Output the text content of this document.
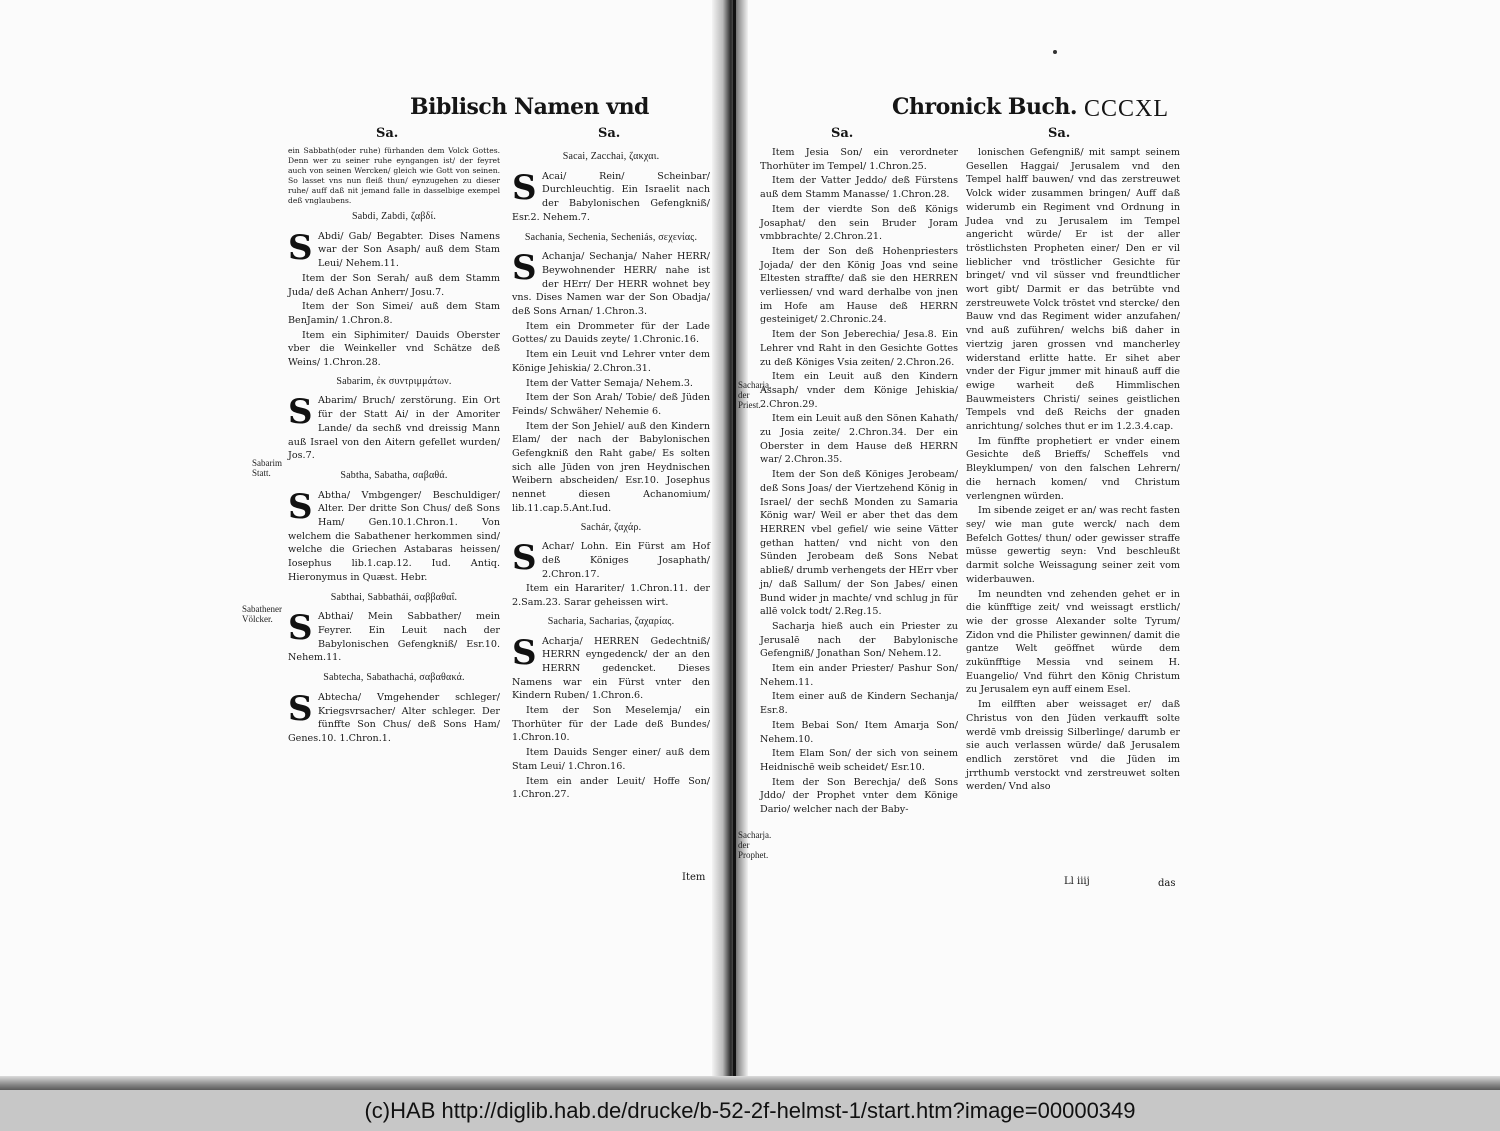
Biblisch Namen vnd
Sa.	Sa.
ein Sabbath(oder ruhe) fürhanden dem Volck Gottes. Denn wer zu seiner ruhe eyngangen ist/ der feyret auch von seinen Wercken/ gleich wie Gott von seinen. So lasset vns nun fleiß thun/ eynzugehen zu dieser ruhe/ auff daß nit jemand falle in dasselbige exempel deß vnglaubens.
Sabdi, Zabdi, ζαβδί.
S Abdi/ Gab/ Begabter. Dises Namens war der Son Asaph/ auß dem Stam Leui/ Nehem.11.
Item der Son Serah/ auß dem Stamm Juda/ deß Achan Anherr/ Josu.7.
Item der Son Simei/ auß dem Stam BenJamin/ 1.Chron.8.
Item ein Siphimiter/ Dauids Oberster vber die Weinkeller vnd Schätze deß Weins/ 1.Chron.28.
Sabarim, ἐκ συντριμμάτων.
S Abarim/ Bruch/ zerstörung. Ein Ort für der Statt Ai/ in der Amoriter Lande/ da sechß vnd dreissig Mann auß Israel von den Aitern gefellet wurden/ Jos.7.
Sabtha, Sabatha, σαβαθά.
S Abtha/ Vmbgenger/ Beschuldiger/ Alter. Der dritte Son Chus/ deß Sons Ham/ Gen.10.1.Chron.1. Von welchem die Sabathener herkommen sind/ welche die Griechen Astabaras heissen/ Iosephus lib.1.cap.12. Iud. Antiq. Hieronymus in Quæst. Hebr.
Sabthai, Sabbathái, σαββαθαΐ.
S Abthai/ Mein Sabbather/ mein Feyrer. Ein Leuit nach der Babylonischen Gefengkniß/ Esr.10. Nehem.11.
Sabtecha, Sabathachá, σαβαθακά.
S Abtecha/ Vmgehender schleger/ Kriegsvrsacher/ Alter schleger. Der fünffte Son Chus/ deß Sons Ham/ Genes.10. 1.Chron.1.
Sabarim Statt.
Sabathener Völcker.
Sacai, Zacchai, ζακχαι.
S Acai/ Rein/ Scheinbar/ Durchleuchtig. Ein Israelit nach der Babylonischen Gefengkniß/ Esr.2. Nehem.7.
Sachania, Sechenia, Secheniás, σεχενίας.
S Achanja/ Sechanja/ Naher HERR/ Beywohnender HERR/ nahe ist der HErr/ Der HERR wohnet bey vns. Dises Namen war der Son Obadja/ deß Sons Arnan/ 1.Chron.3.
Item ein Drommeter für der Lade Gottes/ zu Dauids zeyte/ 1.Chronic.16.
Item ein Leuit vnd Lehrer vnter dem Könige Jehiskia/ 2.Chron.31.
Item der Vatter Semaja/ Nehem.3.
Item der Son Arah/ Tobie/ deß Jüden Feinds/ Schwäher/ Nehemie 6.
Item der Son Jehiel/ auß den Kindern Elam/ der nach der Babylonischen Gefengkniß den Raht gabe/ Es solten sich alle Jüden von jren Heydnischen Weibern abscheiden/ Esr.10. Josephus nennet diesen Achanomium/ lib.11.cap.5.Ant.Iud.
Sachár, ζαχάρ.
S Achar/ Lohn. Ein Fürst am Hof deß Königes Josaphath/ 2.Chron.17.
Item ein Harariter/ 1.Chron.11. der 2.Sam.23. Sarar geheissen wirt.
Sacharia, Sacharias, ζαχαρίας.
S Acharja/ HERREN Gedechtniß/ HERRN eyngedenck/ der an den HERRN gedencket. Dieses Namens war ein Fürst vnter den Kindern Ruben/ 1.Chron.6.
Item der Son Meselemja/ ein Thorhüter für der Lade deß Bundes/ 1.Chron.10.
Item Dauids Senger einer/ auß dem Stam Leui/ 1.Chron.16.
Item ein ander Leuit/ Hoffe Son/ 1.Chron.27.
Item
Chronick Buch. CCCXL
Sa.	Sa.
Item Jesia Son/ ein verordneter Thorhüter im Tempel/ 1.Chron.25.
Item der Vatter Jeddo/ deß Fürstens auß dem Stamm Manasse/ 1.Chron.28.
Item der vierdte Son deß Königs Josaphat/ den sein Bruder Joram vmbbrachte/ 2.Chron.21.
Item der Son deß Hohenpriesters Jojada/ der den König Joas vnd seine Eltesten straffte/ daß sie den HERREN verliessen/ vnd ward derhalbe von jnen im Hofe am Hause deß HERRN gesteiniget/ 2.Chronic.24.
Item der Son Jeberechia/ Jesa.8. Ein Lehrer vnd Raht in den Gesichte Gottes zu deß Königes Vsia zeiten/ 2.Chron.26.
Item ein Leuit auß den Kindern Assaph/ vnder dem Könige Jehiskia/ 2.Chron.29.
Item ein Leuit auß den Sönen Kahath/ zu Josia zeite/ 2.Chron.34. Der ein Oberster in dem Hause deß HERRN war/ 2.Chron.35.
Item der Son deß Königes Jerobeam/ deß Sons Joas/ der Viertzehend König in Israel/ der sechß Monden zu Samaria König war/ Weil er aber thet das dem HERREN vbel gefiel/ wie seine Vätter gethan hatten/ vnd nicht von den Sünden Jerobeam deß Sons Nebat abließ/ drumb verhengets der HErr vber jn/ daß Sallum/ der Son Jabes/ einen Bund wider jn machte/ vnd schlug jn für allē volck todt/ 2.Reg.15.
Sacharja hieß auch ein Priester zu Jerusalē nach der Babylonische Gefengniß/ Jonathan Son/ Nehem.12.
Item ein ander Priester/ Pashur Son/ Nehem.11.
Item einer auß de Kindern Sechanja/ Esr.8.
Item Bebai Son/ Item Amarja Son/ Nehem.10.
Item Elam Son/ der sich von seinem Heidnischē weib scheidet/ Esr.10.
Item der Son Berechja/ deß Sons Jddo/ der Prophet vnter dem Könige Dario/ welcher nach der Baby-
Sacharja. der Priest.
Sacharja. der Prophet.
lonischen Gefengniß/ mit sampt seinem Gesellen Haggai/ Jerusalem vnd den Tempel halff bauwen/ vnd das zerstreuwet Volck wider zusammen bringen/ Auff daß widerumb ein Regiment vnd Ordnung in Judea vnd zu Jerusalem im Tempel angericht würde/ Er ist der aller tröstlichsten Propheten einer/ Den er vil lieblicher vnd tröstlicher Gesichte für bringet/ vnd vil süsser vnd freundtlicher wort gibt/ Darmit er das betrübte vnd zerstreuwete Volck trōstet vnd stercke/ den Bauw vnd das Regiment wider anzufahen/ vnd auß zuführen/ welchs biß daher in viertzig jaren grossen vnd mancherley widerstand erlitte hatte. Er sihet aber vnder der Figur jmmer mit hinauß auff die ewige warheit deß Himmlischen Bauwmeisters Christi/ seines geistlichen Tempels vnd deß Reichs der gnaden anrichtung/ solches thut er im 1.2.3.4.cap.
Im fünffte prophetiert er vnder einem Gesichte deß Brieffs/ Scheffels vnd Bleyklumpen/ von den falschen Lehrern/ die hernach komen/ vnd Christum verlengnen würden.
Im sibende zeiget er an/ was recht fasten sey/ wie man gute werck/ nach dem Befelch Gottes/ thun/ oder gewisser straffe müsse gewertig seyn: Vnd beschleußt darmit solche Weissagung seiner zeit vom widerbauwen.
Im neundten vnd zehenden gehet er in die künfftige zeit/ vnd weissagt erstlich/ wie der grosse Alexander solte Tyrum/ Zidon vnd die Philister gewinnen/ damit die gantze Welt geöffnet würde dem zukünfftige Messia vnd seinem H. Euangelio/ Vnd führt den König Christum zu Jerusalem eyn auff einem Esel.
Im eilfften aber weissaget er/ daß Christus von den Jüden verkaufft solte werdē vmb dreissig Silberlinge/ darumb er sie auch verlassen würde/ daß Jerusalem endlich zerstöret vnd die Jüden im jrrthumb verstockt vnd zerstreuwet solten werden/ Vnd also
Ll iiij	das
(c)HAB http://diglib.hab.de/drucke/b-52-2f-helmst-1/start.htm?image=00000349
